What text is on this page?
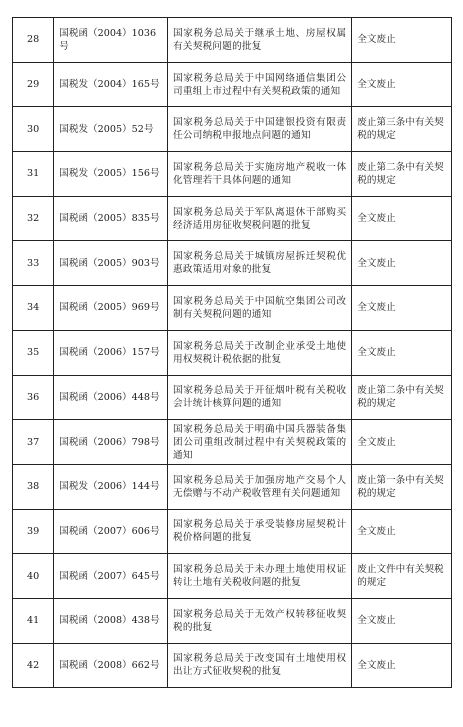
28	国税函（2004）1036号	国家税务总局关于继承土地、房屋权属有关契税问题的批复	全文废止
29	国税发（2004）165号	国家税务总局关于中国网络通信集团公司重组上市过程中有关契税政策的通知	全文废止
30	国税发（2005）52号	国家税务总局关于中国建银投资有限责任公司纳税申报地点问题的通知	废止第三条中有关契税的规定
31	国税发（2005）156号	国家税务总局关于实施房地产税收一体化管理若干具体问题的通知	废止第二条中有关契税的规定
32	国税函（2005）835号	国家税务总局关于军队离退休干部购买经济适用房征收契税问题的批复	全文废止
33	国税函（2005）903号	国家税务总局关于城镇房屋拆迁契税优惠政策适用对象的批复	全文废止
34	国税函（2005）969号	国家税务总局关于中国航空集团公司改制有关契税问题的通知	全文废止
35	国税函（2006）157号	国家税务总局关于改制企业承受土地使用权契税计税依据的批复	全文废止
36	国税函（2006）448号	国家税务总局关于开征烟叶税有关税收会计统计核算问题的通知	废止第二条中有关契税的规定
37	国税函（2006）798号	国家税务总局关于明确中国兵器装备集团公司重组改制过程中有关契税政策的通知	全文废止
38	国税发（2006）144号	国家税务总局关于加强房地产交易个人无偿赠与不动产税收管理有关问题通知	废止第一条中有关契税的规定
39	国税函（2007）606号	国家税务总局关于承受装修房屋契税计税价格问题的批复	全文废止
40	国税函（2007）645号	国家税务总局关于未办理土地使用权证转让土地有关税收问题的批复	废止文件中有关契税的规定
41	国税函（2008）438号	国家税务总局关于无效产权转移征收契税的批复	全文废止
42	国税函（2008）662号	国家税务总局关于改变国有土地使用权出让方式征收契税的批复	全文废止
